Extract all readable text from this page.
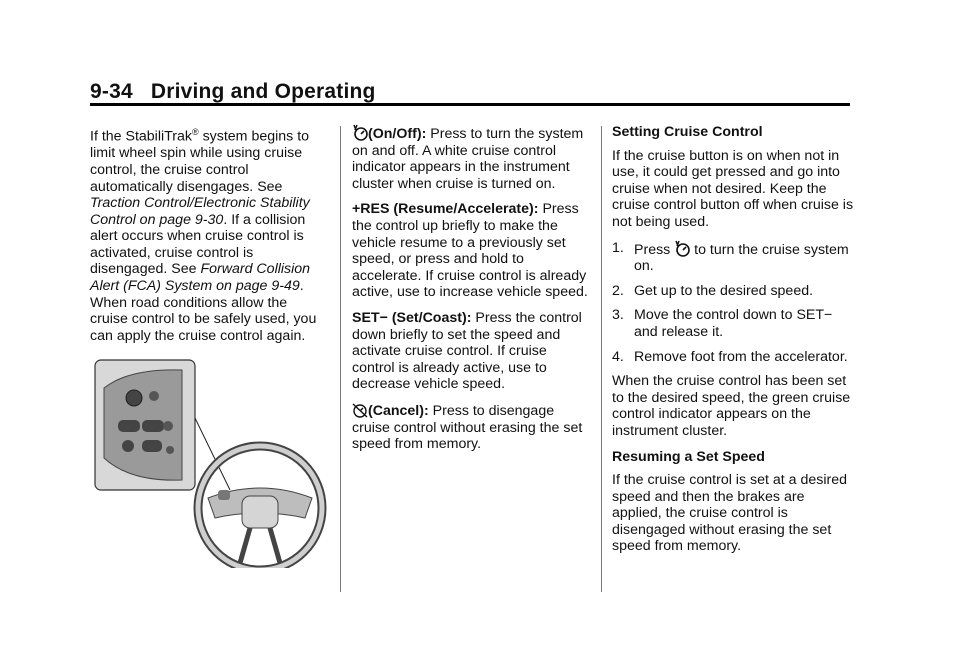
9-34 Driving and Operating

If the StabiliTrak® system begins to limit wheel spin while using cruise control, the cruise control automatically disengages. See Traction Control/Electronic Stability Control on page 9-30. If a collision alert occurs when cruise control is activated, cruise control is disengaged. See Forward Collision Alert (FCA) System on page 9-49. When road conditions allow the cruise control to be safely used, you can apply the cruise control again.

(On/Off): Press to turn the system on and off. A white cruise control indicator appears in the instrument cluster when cruise is turned on.

+RES (Resume/Accelerate): Press the control up briefly to make the vehicle resume to a previously set speed, or press and hold to accelerate. If cruise control is already active, use to increase vehicle speed.

SET− (Set/Coast): Press the control down briefly to set the speed and activate cruise control. If cruise control is already active, use to decrease vehicle speed.

(Cancel): Press to disengage cruise control without erasing the set speed from memory.

Setting Cruise Control

If the cruise button is on when not in use, it could get pressed and go into cruise when not desired. Keep the cruise control button off when cruise is not being used.

1. Press  to turn the cruise system on.
2. Get up to the desired speed.
3. Move the control down to SET− and release it.
4. Remove foot from the accelerator.

When the cruise control has been set to the desired speed, the green cruise control indicator appears on the instrument cluster.

Resuming a Set Speed

If the cruise control is set at a desired speed and then the brakes are applied, the cruise control is disengaged without erasing the set speed from memory.
